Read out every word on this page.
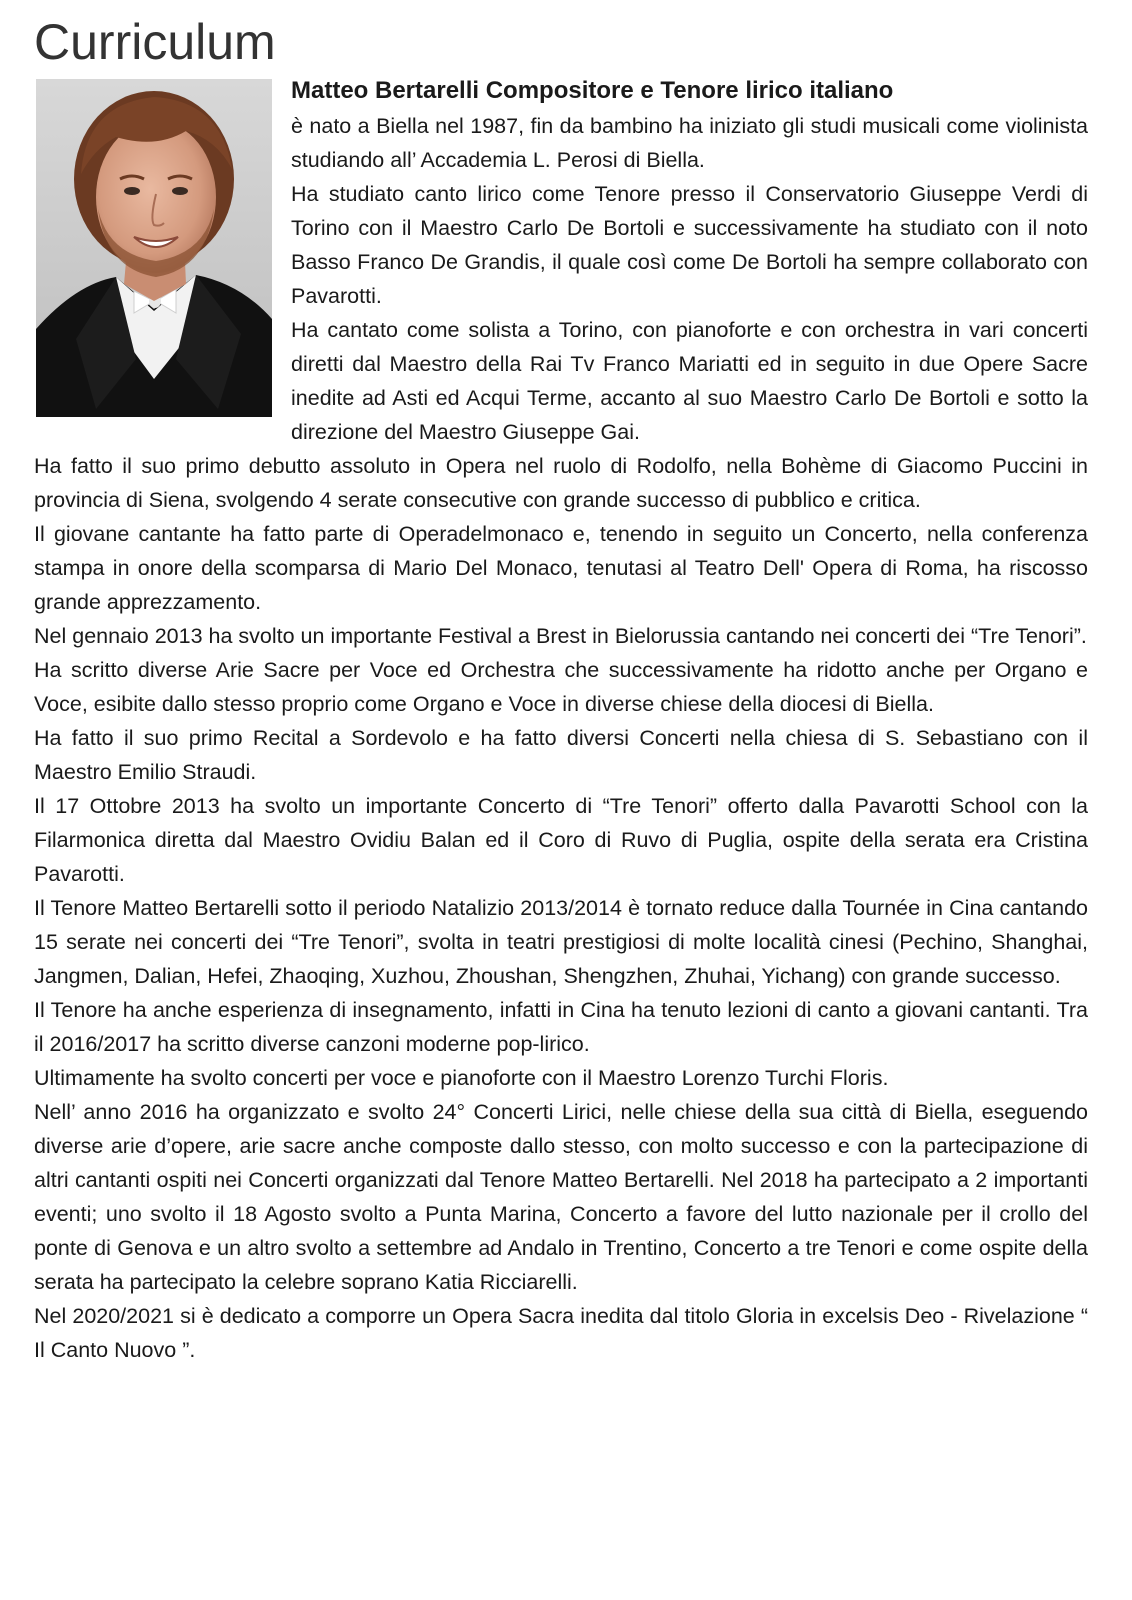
Curriculum
Matteo Bertarelli Compositore e Tenore lirico italiano

è nato a Biella nel 1987, fin da bambino ha iniziato gli studi musicali come violinista studiando all’ Accademia L. Perosi di Biella.

Ha studiato canto lirico come Tenore presso il Conservatorio Giuseppe Verdi di Torino con il Maestro Carlo De Bortoli e successivamente ha studiato con il noto Basso Franco De Grandis, il quale così come De Bortoli ha sempre collaborato con Pavarotti.

Ha cantato come solista a Torino, con pianoforte e con orchestra in vari concerti diretti dal Maestro della Rai Tv Franco Mariatti ed in seguito in due Opere Sacre inedite ad Asti ed Acqui Terme, accanto al suo Maestro Carlo De Bortoli e sotto la direzione del Maestro Giuseppe Gai.

Ha fatto il suo primo debutto assoluto in Opera nel ruolo di Rodolfo, nella Bohème di Giacomo Puccini in provincia di Siena, svolgendo 4 serate consecutive con grande successo di pubblico e critica.

Il giovane cantante ha fatto parte di Operadelmonaco e, tenendo in seguito un Concerto, nella conferenza stampa in onore della scomparsa di Mario Del Monaco, tenutasi al Teatro Dell' Opera di Roma, ha riscosso grande apprezzamento.

Nel gennaio 2013 ha svolto un importante Festival a Brest in Bielorussia cantando nei concerti dei “Tre Tenori”.

Ha scritto diverse Arie Sacre per Voce ed Orchestra che successivamente ha ridotto anche per Organo e Voce, esibite dallo stesso proprio come Organo e Voce in diverse chiese della diocesi di Biella.

Ha fatto il suo primo Recital a Sordevolo e ha fatto diversi Concerti nella chiesa di S. Sebastiano con il Maestro Emilio Straudi.

Il 17 Ottobre 2013 ha svolto un importante Concerto di “Tre Tenori” offerto dalla Pavarotti School con la Filarmonica diretta dal Maestro Ovidiu Balan ed il Coro di Ruvo di Puglia, ospite della serata era Cristina Pavarotti.

Il Tenore Matteo Bertarelli sotto il periodo Natalizio 2013/2014 è tornato reduce dalla Tournée in Cina cantando 15 serate nei concerti dei “Tre Tenori”, svolta in teatri prestigiosi di molte località cinesi (Pechino, Shanghai, Jangmen, Dalian, Hefei, Zhaoqing, Xuzhou, Zhoushan, Shengzhen, Zhuhai, Yichang) con grande successo.

Il Tenore ha anche esperienza di insegnamento, infatti in Cina ha tenuto lezioni di canto a giovani cantanti. Tra il 2016/2017 ha scritto diverse canzoni moderne pop-lirico.

Ultimamente ha svolto concerti per voce e pianoforte con il Maestro Lorenzo Turchi Floris.

Nell’ anno 2016 ha organizzato e svolto 24° Concerti Lirici, nelle chiese della sua città di Biella, eseguendo diverse arie d’opere, arie sacre anche composte dallo stesso, con molto successo e con la partecipazione di altri cantanti ospiti nei Concerti organizzati dal Tenore Matteo Bertarelli. Nel 2018 ha partecipato a 2 importanti eventi; uno svolto il 18 Agosto svolto a Punta Marina, Concerto a favore del lutto nazionale per il crollo del ponte di Genova e un altro svolto a settembre ad Andalo in Trentino, Concerto a tre Tenori e come ospite della serata ha partecipato la celebre soprano Katia Ricciarelli.

Nel 2020/2021 si è dedicato a comporre un Opera Sacra inedita dal titolo Gloria in excelsis Deo - Rivelazione “ Il Canto Nuovo ”.
